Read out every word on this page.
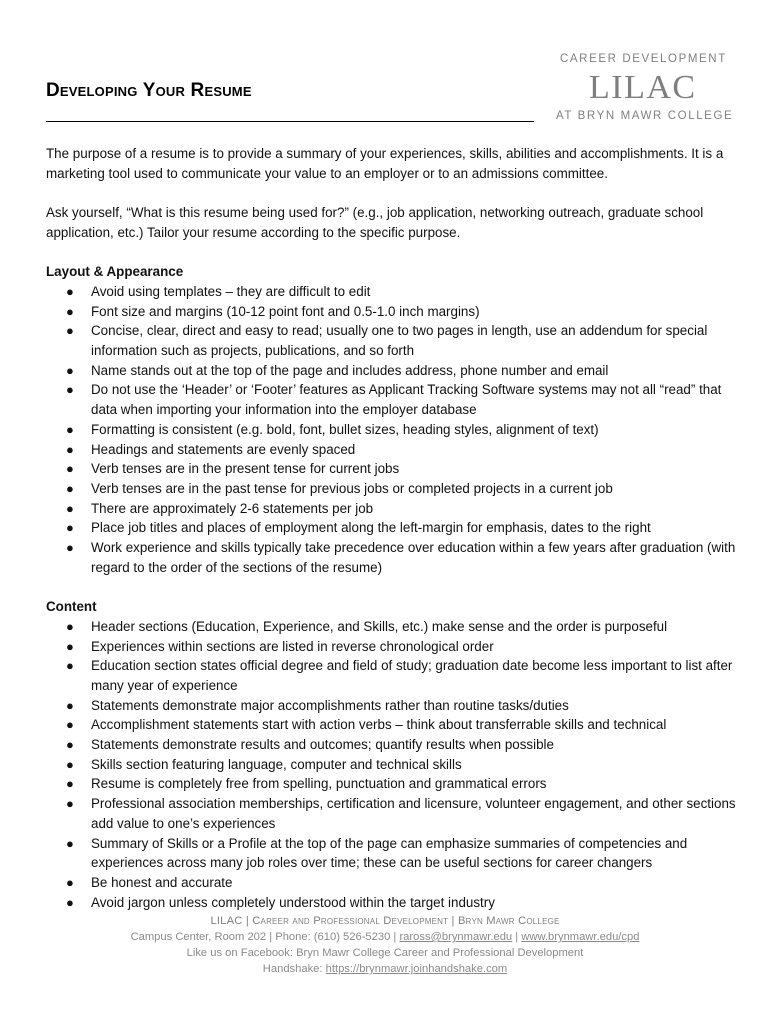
Developing Your Resume
CAREER DEVELOPMENT
LILAC
AT BRYN MAWR COLLEGE

The purpose of a resume is to provide a summary of your experiences, skills, abilities and accomplishments. It is a marketing tool used to communicate your value to an employer or to an admissions committee.

Ask yourself, “What is this resume being used for?” (e.g., job application, networking outreach, graduate school application, etc.) Tailor your resume according to the specific purpose.

Layout & Appearance

● Avoid using templates – they are difficult to edit
● Font size and margins (10-12 point font and 0.5-1.0 inch margins)
● Concise, clear, direct and easy to read; usually one to two pages in length, use an addendum for special information such as projects, publications, and so forth
● Name stands out at the top of the page and includes address, phone number and email
● Do not use the ‘Header’ or ‘Footer’ features as Applicant Tracking Software systems may not all “read” that data when importing your information into the employer database
● Formatting is consistent (e.g. bold, font, bullet sizes, heading styles, alignment of text)
● Headings and statements are evenly spaced
● Verb tenses are in the present tense for current jobs
● Verb tenses are in the past tense for previous jobs or completed projects in a current job
● There are approximately 2-6 statements per job
● Place job titles and places of employment along the left-margin for emphasis, dates to the right
● Work experience and skills typically take precedence over education within a few years after graduation (with regard to the order of the sections of the resume)

Content

● Header sections (Education, Experience, and Skills, etc.) make sense and the order is purposeful
● Experiences within sections are listed in reverse chronological order
● Education section states official degree and field of study; graduation date become less important to list after many year of experience
● Statements demonstrate major accomplishments rather than routine tasks/duties
● Accomplishment statements start with action verbs – think about transferrable skills and technical
● Statements demonstrate results and outcomes; quantify results when possible
● Skills section featuring language, computer and technical skills
● Resume is completely free from spelling, punctuation and grammatical errors
● Professional association memberships, certification and licensure, volunteer engagement, and other sections add value to one’s experiences
● Summary of Skills or a Profile at the top of the page can emphasize summaries of competencies and experiences across many job roles over time; these can be useful sections for career changers
● Be honest and accurate
● Avoid jargon unless completely understood within the target industry
LILAC | Career and Professional Development | Bryn Mawr College
Campus Center, Room 202 | Phone: (610) 526-5230 | raross@brynmawr.edu | www.brynmawr.edu/cpd
Like us on Facebook: Bryn Mawr College Career and Professional Development
Handshake: https://brynmawr.joinhandshake.com
